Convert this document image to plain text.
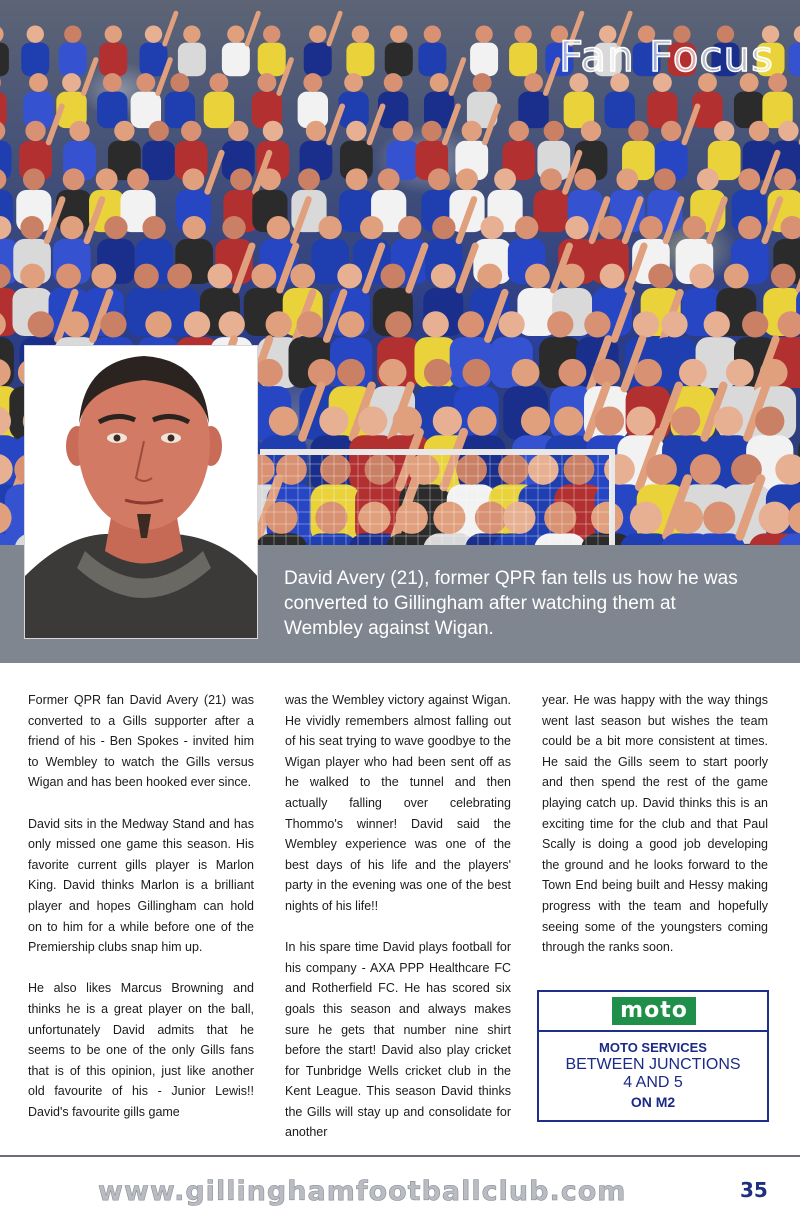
Fan Focus
David Avery (21), former QPR fan tells us how he was converted to Gillingham after watching them at Wembley against Wigan.

Former QPR fan David Avery (21) was converted to a Gills supporter after a friend of his - Ben Spokes - invited him to Wembley to watch the Gills versus Wigan and has been hooked ever since.

David sits in the Medway Stand and has only missed one game this season. His favorite current gills player is Marlon King. David thinks Marlon is a brilliant player and hopes Gillingham can hold on to him for a while before one of the Premiership clubs snap him up.

He also likes Marcus Browning and thinks he is a great player on the ball, unfortunately David admits that he seems to be one of the only Gills fans that is of this opinion, just like another old favourite of his - Junior Lewis!! David's favourite gills game

was the Wembley victory against Wigan. He vividly remembers almost falling out of his seat trying to wave goodbye to the Wigan player who had been sent off as he walked to the tunnel and then actually falling over celebrating Thommo's winner! David said the Wembley experience was one of the best days of his life and the players' party in the evening was one of the best nights of his life!!

In his spare time David plays football for his company - AXA PPP Healthcare FC and Rotherfield FC. He has scored six goals this season and always makes sure he gets that number nine shirt before the start! David also play cricket for Tunbridge Wells cricket club in the Kent League. This season David thinks the Gills will stay up and consolidate for another

year. He was happy with the way things went last season but wishes the team could be a bit more consistent at times. He said the Gills seem to start poorly and then spend the rest of the game playing catch up. David thinks this is an exciting time for the club and that Paul Scally is doing a good job developing the ground and he looks forward to the Town End being built and Hessy making progress with the team and hopefully seeing some of the youngsters coming through the ranks soon.

moto
MOTO SERVICES
BETWEEN JUNCTIONS
4 AND 5
ON M2
www.gillinghamfootballclub.com	35
